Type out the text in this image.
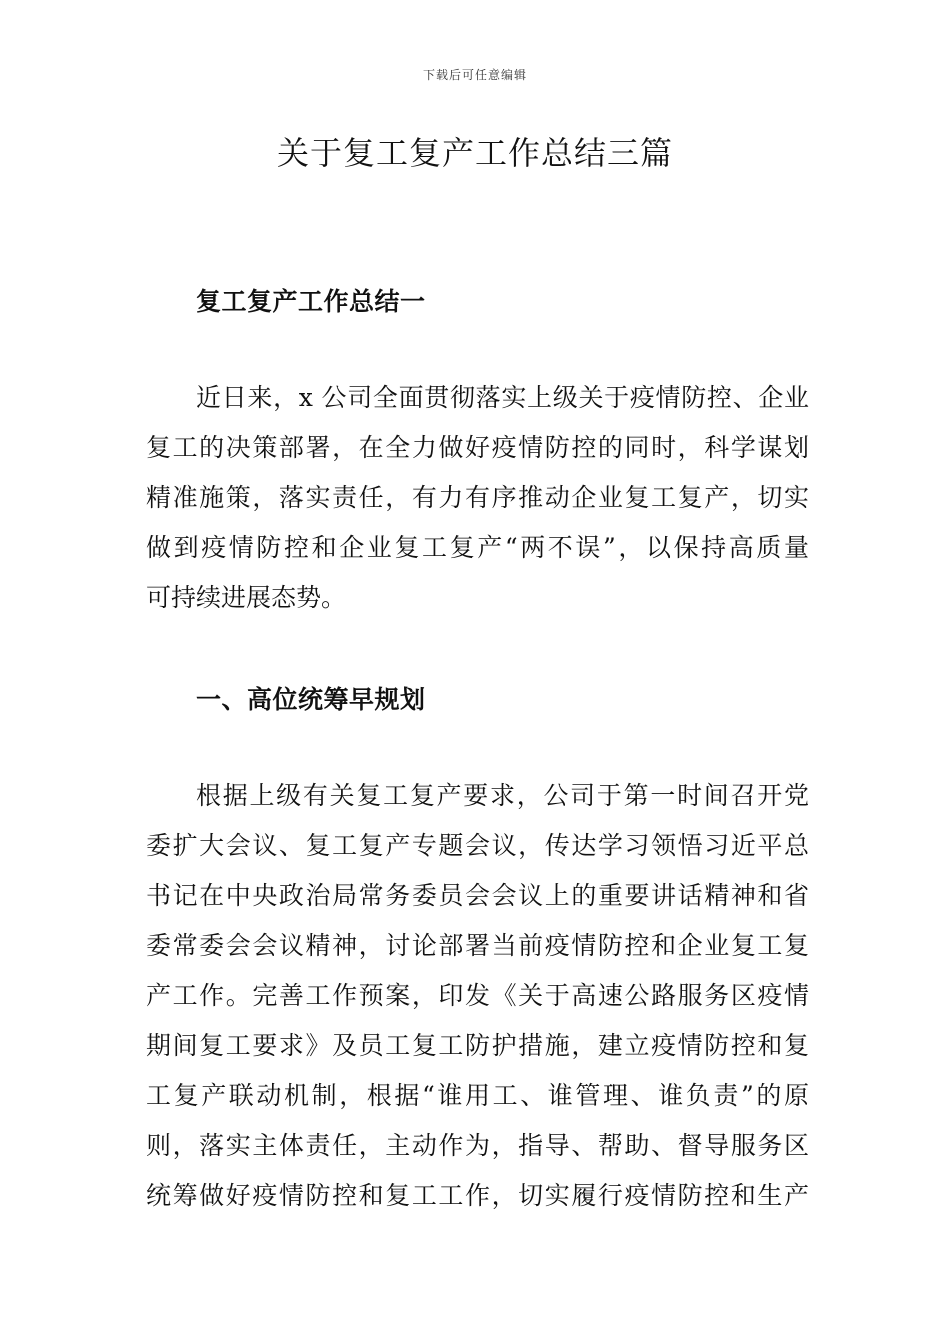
下载后可任意编辑
关于复工复产工作总结三篇
复工复产工作总结一
近日来，x 公司全面贯彻落实上级关于疫情防控、企业
复工的决策部署，在全力做好疫情防控的同时，科学谋划
精准施策，落实责任，有力有序推动企业复工复产，切实
做到疫情防控和企业复工复产“两不误”，以保持高质量
可持续进展态势。
一、高位统筹早规划
根据上级有关复工复产要求，公司于第一时间召开党
委扩大会议、复工复产专题会议，传达学习领悟习近平总
书记在中央政治局常务委员会会议上的重要讲话精神和省
委常委会会议精神，讨论部署当前疫情防控和企业复工复
产工作。完善工作预案，印发《关于高速公路服务区疫情
期间复工要求》及员工复工防护措施，建立疫情防控和复
工复产联动机制，根据“谁用工、谁管理、谁负责”的原
则，落实主体责任，主动作为，指导、帮助、督导服务区
统筹做好疫情防控和复工工作，切实履行疫情防控和生产
